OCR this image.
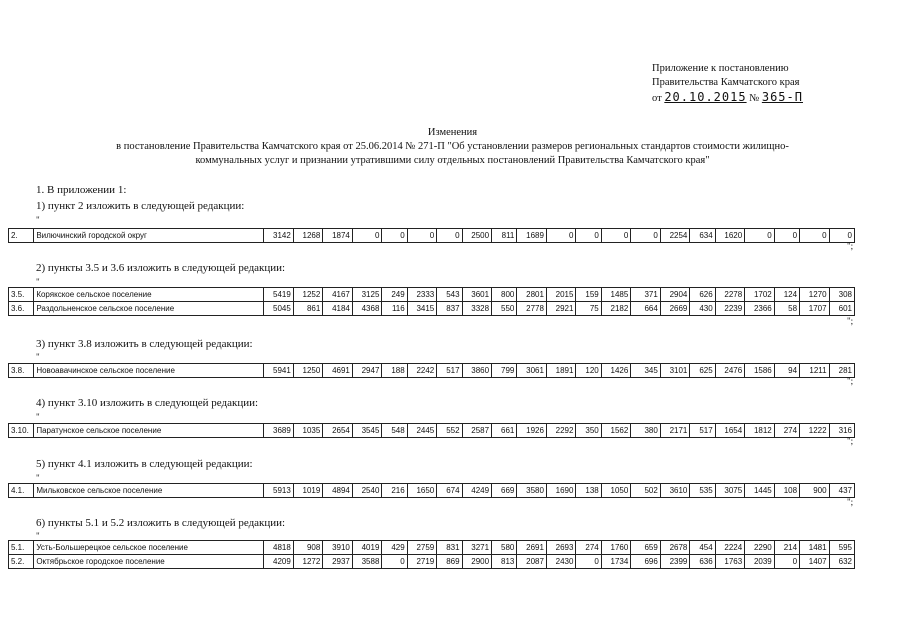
Приложение к постановлению
Правительства Камчатского края
от 20.10.2015 № 365-П
Изменения
в постановление Правительства Камчатского края от 25.06.2014 № 271-П "Об установлении размеров региональных стандартов стоимости жилищно-
коммунальных услуг и признании утратившими силу отдельных постановлений Правительства Камчатского края"
1. В приложении 1:
1) пункт 2 изложить в следующей редакции:
"
2.	Вилючинский городской округ	3142	1268	1874	0	0	0	0	2500	811	1689	0	0	0	0	2254	634	1620	0	0	0	0
";
2) пункты 3.5 и 3.6 изложить в следующей редакции:
"
3.5.	Корякское сельское поселение	5419	1252	4167	3125	249	2333	543	3601	800	2801	2015	159	1485	371	2904	626	2278	1702	124	1270	308
3.6.	Раздольненское сельское поселение	5045	861	4184	4368	116	3415	837	3328	550	2778	2921	75	2182	664	2669	430	2239	2366	58	1707	601
";
3) пункт 3.8 изложить в следующей редакции:
"
3.8.	Новоавачинское сельское поселение	5941	1250	4691	2947	188	2242	517	3860	799	3061	1891	120	1426	345	3101	625	2476	1586	94	1211	281
";
4) пункт 3.10 изложить в следующей редакции:
"
3.10.	Паратунское сельское поселение	3689	1035	2654	3545	548	2445	552	2587	661	1926	2292	350	1562	380	2171	517	1654	1812	274	1222	316
";
5) пункт 4.1 изложить в следующей редакции:
"
4.1.	Мильковское сельское поселение	5913	1019	4894	2540	216	1650	674	4249	669	3580	1690	138	1050	502	3610	535	3075	1445	108	900	437
";
6) пункты 5.1 и 5.2 изложить в следующей редакции:
"
5.1.	Усть-Большерецкое сельское поселение	4818	908	3910	4019	429	2759	831	3271	580	2691	2693	274	1760	659	2678	454	2224	2290	214	1481	595
5.2.	Октябрьское городское поселение	4209	1272	2937	3588	0	2719	869	2900	813	2087	2430	0	1734	696	2399	636	1763	2039	0	1407	632
